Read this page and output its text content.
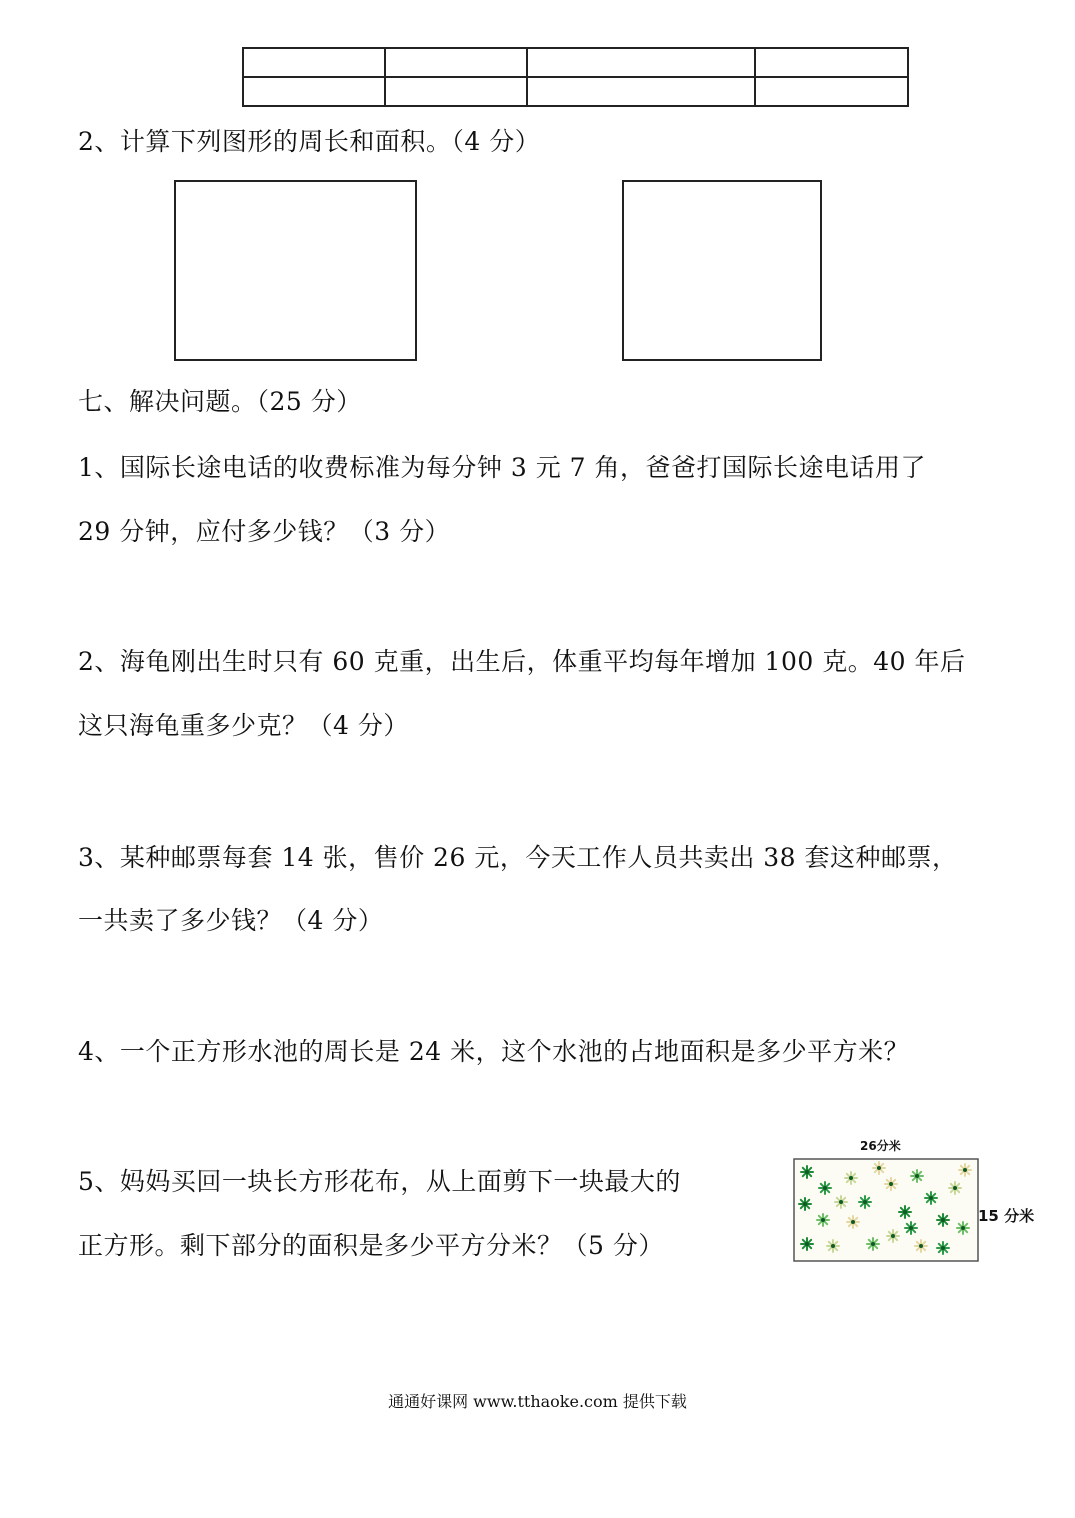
2、计算下列图形的周长和面积。（4 分）
七、解决问题。（25 分）
1、国际长途电话的收费标准为每分钟 3 元 7 角，爸爸打国际长途电话用了
29 分钟，应付多少钱？（3 分）
2、海龟刚出生时只有 60 克重，出生后，体重平均每年增加 100 克。40 年后
这只海龟重多少克？（4 分）
3、某种邮票每套 14 张，售价 26 元，今天工作人员共卖出 38 套这种邮票，
一共卖了多少钱？（4 分）
4、一个正方形水池的周长是 24 米，这个水池的占地面积是多少平方米？
5、妈妈买回一块长方形花布，从上面剪下一块最大的
正方形。剩下部分的面积是多少平方分米？（5 分）
26分米
15 分米
通通好课网 www.tthaoke.com 提供下载
